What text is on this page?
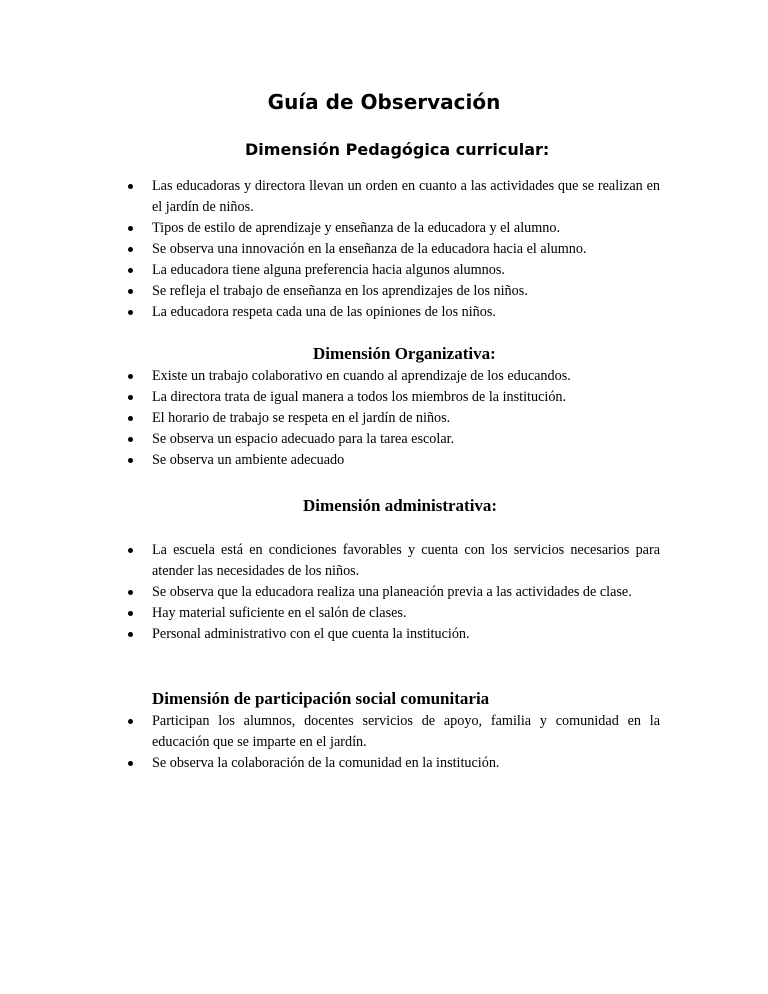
Guía de Observación
Dimensión Pedagógica curricular:
Las educadoras y directora llevan un orden en cuanto a las actividades que se realizan en el jardín de niños.
Tipos de estilo de aprendizaje y enseñanza de la educadora y el alumno.
Se observa una innovación en la enseñanza de la educadora hacia el alumno.
La educadora tiene alguna preferencia hacia algunos alumnos.
Se refleja el trabajo de enseñanza en los aprendizajes de los niños.
La educadora respeta cada una de las opiniones de los niños.
Dimensión Organizativa:
Existe un trabajo colaborativo en cuando al aprendizaje de los educandos.
La directora trata de igual manera a todos los miembros de la institución.
El horario de trabajo se respeta en el jardín de niños.
Se observa un espacio adecuado para la tarea escolar.
Se observa un ambiente adecuado
Dimensión administrativa:
La escuela está en condiciones favorables y cuenta con los servicios necesarios para atender las necesidades de los niños.
Se observa que la educadora realiza una planeación previa a las actividades de clase.
Hay material suficiente en el salón de clases.
Personal administrativo con el que cuenta la institución.
Dimensión de participación social comunitaria
Participan los alumnos, docentes servicios de apoyo, familia y comunidad en la educación que se imparte en el jardín.
Se observa la colaboración de la comunidad en la institución.
